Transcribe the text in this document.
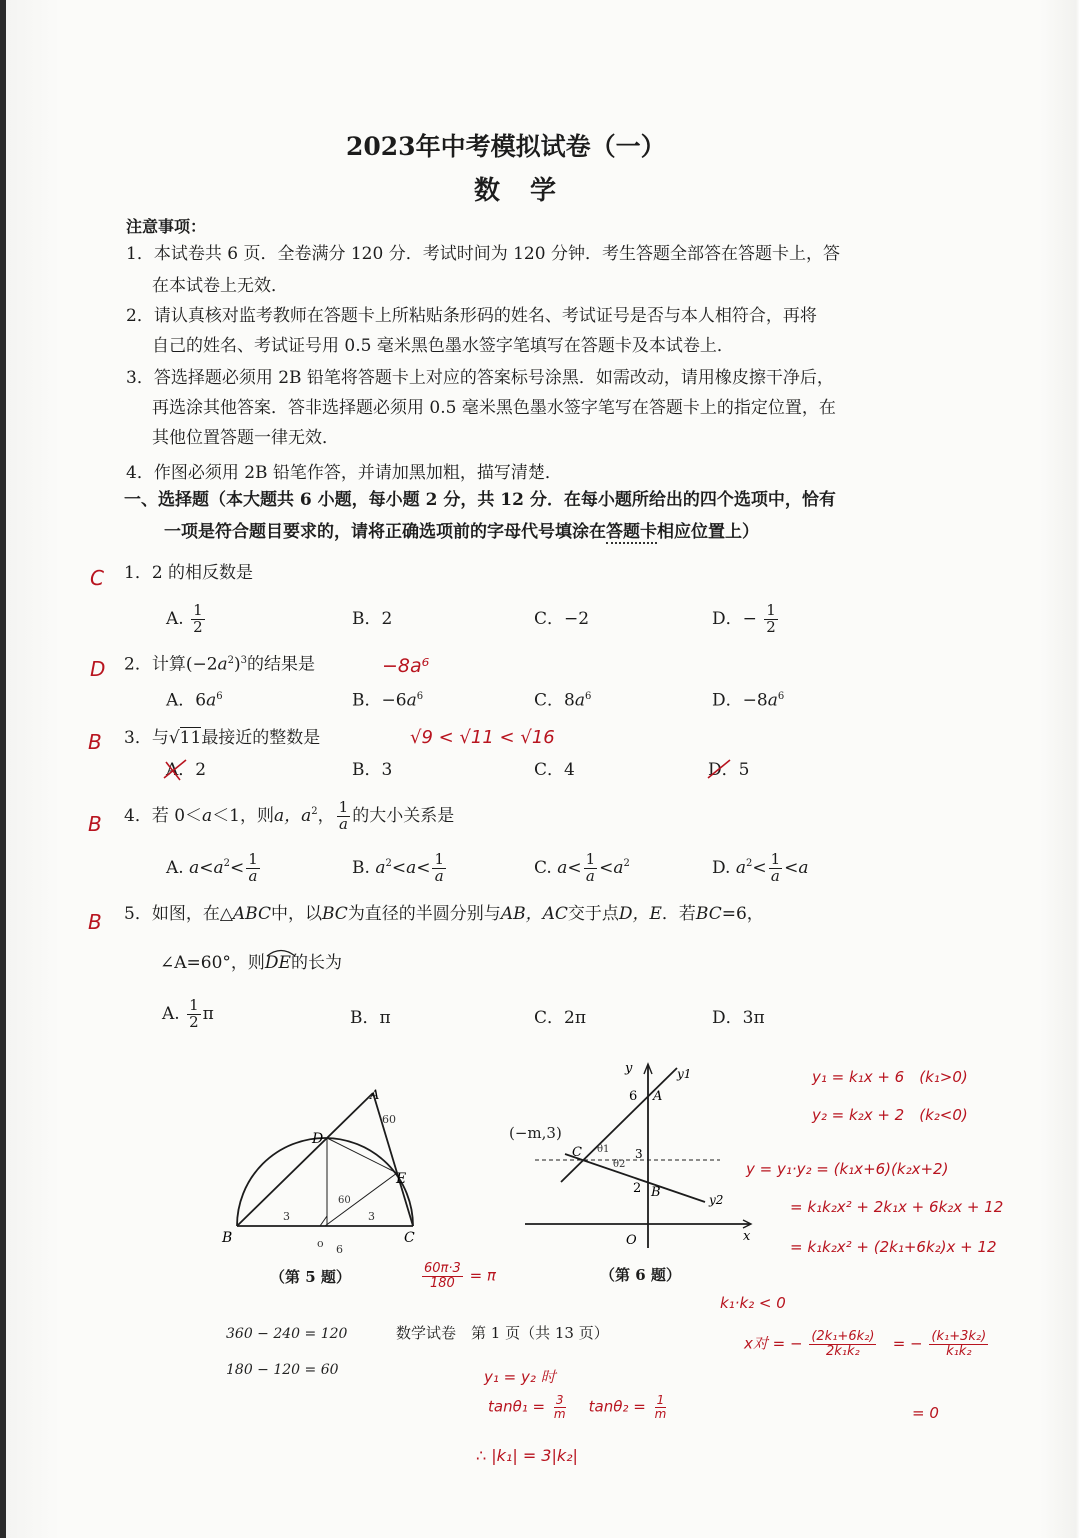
2023年中考模拟试卷（一）
数学
注意事项：
1．本试卷共 6 页．全卷满分 120 分．考试时间为 120 分钟．考生答题全部答在答题卡上，答
在本试卷上无效．
2．请认真核对监考教师在答题卡上所粘贴条形码的姓名、考试证号是否与本人相符合，再将
自己的姓名、考试证号用 0.5 毫米黑色墨水签字笔填写在答题卡及本试卷上．
3．答选择题必须用 2B 铅笔将答题卡上对应的答案标号涂黑．如需改动，请用橡皮擦干净后，
再选涂其他答案．答非选择题必须用 0.5 毫米黑色墨水签字笔写在答题卡上的指定位置，在
其他位置答题一律无效．
4．作图必须用 2B 铅笔作答，并请加黑加粗，描写清楚．
一、选择题（本大题共 6 小题，每小题 2 分，共 12 分．在每小题所给出的四个选项中，恰有
一项是符合题目要求的，请将正确选项前的字母代号填涂在答题卡相应位置上）
C 1．2 的相反数是
A. $\frac{1}{2}$	B．2	C．−2	D．− $\frac{1}{2}$
D 2．计算$(-2a^2)^3$的结果是	−8a⁶
A．$6a^6$	B．$-6a^6$	C．$8a^6$	D．$-8a^6$
B 3．与√11最接近的整数是	√9 < √11 < √16
A．2	B．3	C．4	D．5
B 4．若 0＜a＜1，则a，$a^2$， $\frac{1}{a}$ 的大小关系是
A. $a<a^2< \frac{1}{a}$	B. $a^2<a< \frac{1}{a}$	C. $a< \frac{1}{a} <a^2$	D. $a^2< \frac{1}{a} <a$
B 5．如图，在△ABC中，以BC为直径的半圆分别与AB，AC交于点D，E．若BC=6，
∠A=60°，则
DE的长为
A. $\frac{1}{2}$ π	B．π	C．2π	D．3π
B	C
D
E
A
60
60
3	3
o 6
（第 5 题）
6 A
3
2 B
C
O	x
y	y1
y2
(−m,3)
θ1
θ2
（第 6 题）
$\frac{60\pi\cdot 3}{180} = \pi$
数学试卷　第 1 页（共 13 页）
360 − 240 = 120
180 − 120 = 60	y₁ = y₂ 时
$\tan\theta_1 = \frac{3}{m} \tan\theta_2 = \frac{1}{m}$
∴ |k₁| = 3|k₂|
y₁ = k₁x + 6　(k₁>0)
y₂ = k₂x + 2　(k₂<0)
y = y₁·y₂ = (k₁x+6)(k₂x+2)
= k₁k₂x² + 2k₁x + 6k₂x + 12
= k₁k₂x² + (2k₁+6k₂)x + 12
k₁·k₂ < 0
x对 = − $\frac{\text{(2k₁+6k₂)}}{\text{2k₁k₂}}$ = − $\frac{\text{(k₁+3k₂)}}{\text{k₁k₂}}$
= 0
